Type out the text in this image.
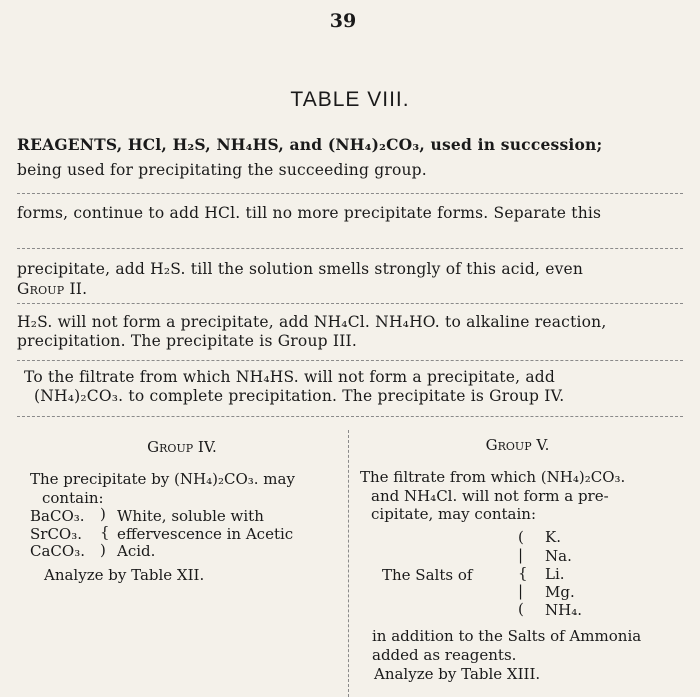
39
TABLE VIII.
REAGENTS, HCl, H₂S, NH₄HS, and (NH₄)₂CO₃, used in succession;
being used for precipitating the succeeding group.
forms, continue to add HCl. till no more precipitate forms. Separate this
precipitate, add H₂S. till the solution smells strongly of this acid, even
Group II.
H₂S. will not form a precipitate, add NH₄Cl. NH₄HO. to alkaline reaction,
precipitation. The precipitate is Group III.
To the filtrate from which NH₄HS. will not form a precipitate, add
(NH₄)₂CO₃. to complete precipitation. The precipitate is Group IV.
Group IV.
The precipitate by (NH₄)₂CO₃. may
contain:
BaCO₃.
SrCO₃.
CaCO₃.
)
{
)
White, soluble with
effervescence in Acetic
Acid.
Analyze by Table XII.
Group V.
The filtrate from which (NH₄)₂CO₃.
and NH₄Cl. will not form a pre-
cipitate, may contain:
The Salts of
(
|
{
|
(
K.
Na.
Li.
Mg.
NH₄.
in addition to the Salts of Ammonia
added as reagents.
Analyze by Table XIII.
